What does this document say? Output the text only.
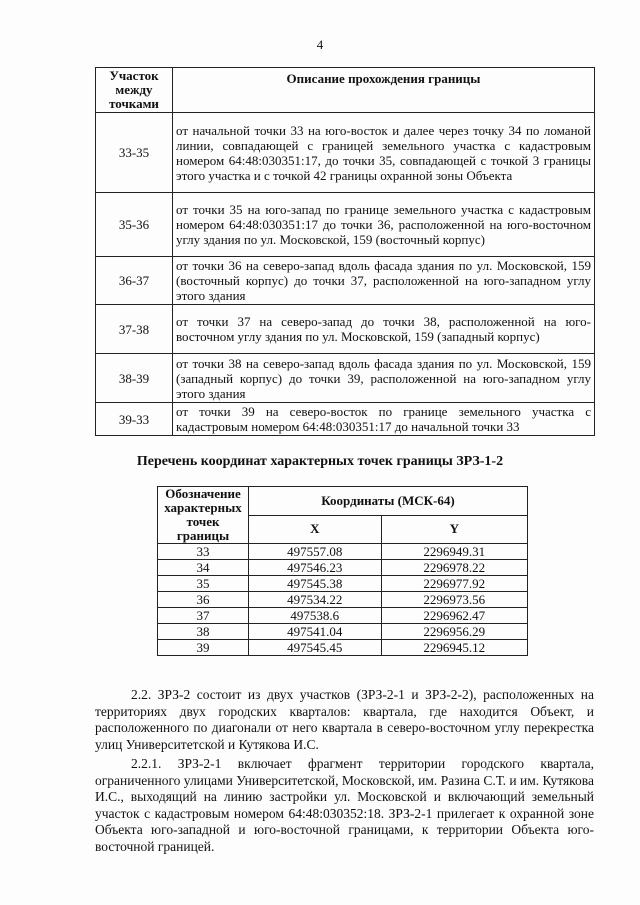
4
Участок между точками	Описание прохождения границы
33-35	от начальной точки 33 на юго-восток и далее через точку 34 по ломаной линии, совпадающей с границей земельного участка с кадастровым номером 64:48:030351:17, до точки 35, совпадающей с точкой 3 границы этого участка и с точкой 42 границы охранной зоны Объекта
35-36	от точки 35 на юго-запад по границе земельного участка с кадастровым номером 64:48:030351:17 до точки 36, расположенной на юго-восточном углу здания по ул. Московской, 159 (восточный корпус)
36-37	от точки 36 на северо-запад вдоль фасада здания по ул. Московской, 159 (восточный корпус) до точки 37, расположенной на юго-западном углу этого здания
37-38	от точки 37 на северо-запад до точки 38, расположенной на юго-восточном углу здания по ул. Московской, 159 (западный корпус)
38-39	от точки 38 на северо-запад вдоль фасада здания по ул. Московской, 159 (западный корпус) до точки 39, расположенной на юго-западном углу этого здания
39-33	от точки 39 на северо-восток по границе земельного участка с кадастровым номером 64:48:030351:17 до начальной точки 33
Перечень координат характерных точек границы ЗРЗ-1-2
Обозначение характерных точек границы	Координаты (МСК-64)	
	X	Y
33	497557.08	2296949.31
34	497546.23	2296978.22
35	497545.38	2296977.92
36	497534.22	2296973.56
37	497538.6	2296962.47
38	497541.04	2296956.29
39	497545.45	2296945.12

2.2. ЗРЗ-2 состоит из двух участков (ЗРЗ-2-1 и ЗРЗ-2-2), расположенных на территориях двух городских кварталов: квартала, где находится Объект, и расположенного по диагонали от него квартала в северо-восточном углу перекрестка улиц Университетской и Кутякова И.С.

2.2.1. ЗРЗ-2-1 включает фрагмент территории городского квартала, ограниченного улицами Университетской, Московской, им. Разина С.Т. и им. Кутякова И.С., выходящий на линию застройки ул. Московской и включающий земельный участок с кадастровым номером 64:48:030352:18. ЗРЗ-2-1 прилегает к охранной зоне Объекта юго-западной и юго-восточной границами, к территории Объекта юго-восточной границей.
